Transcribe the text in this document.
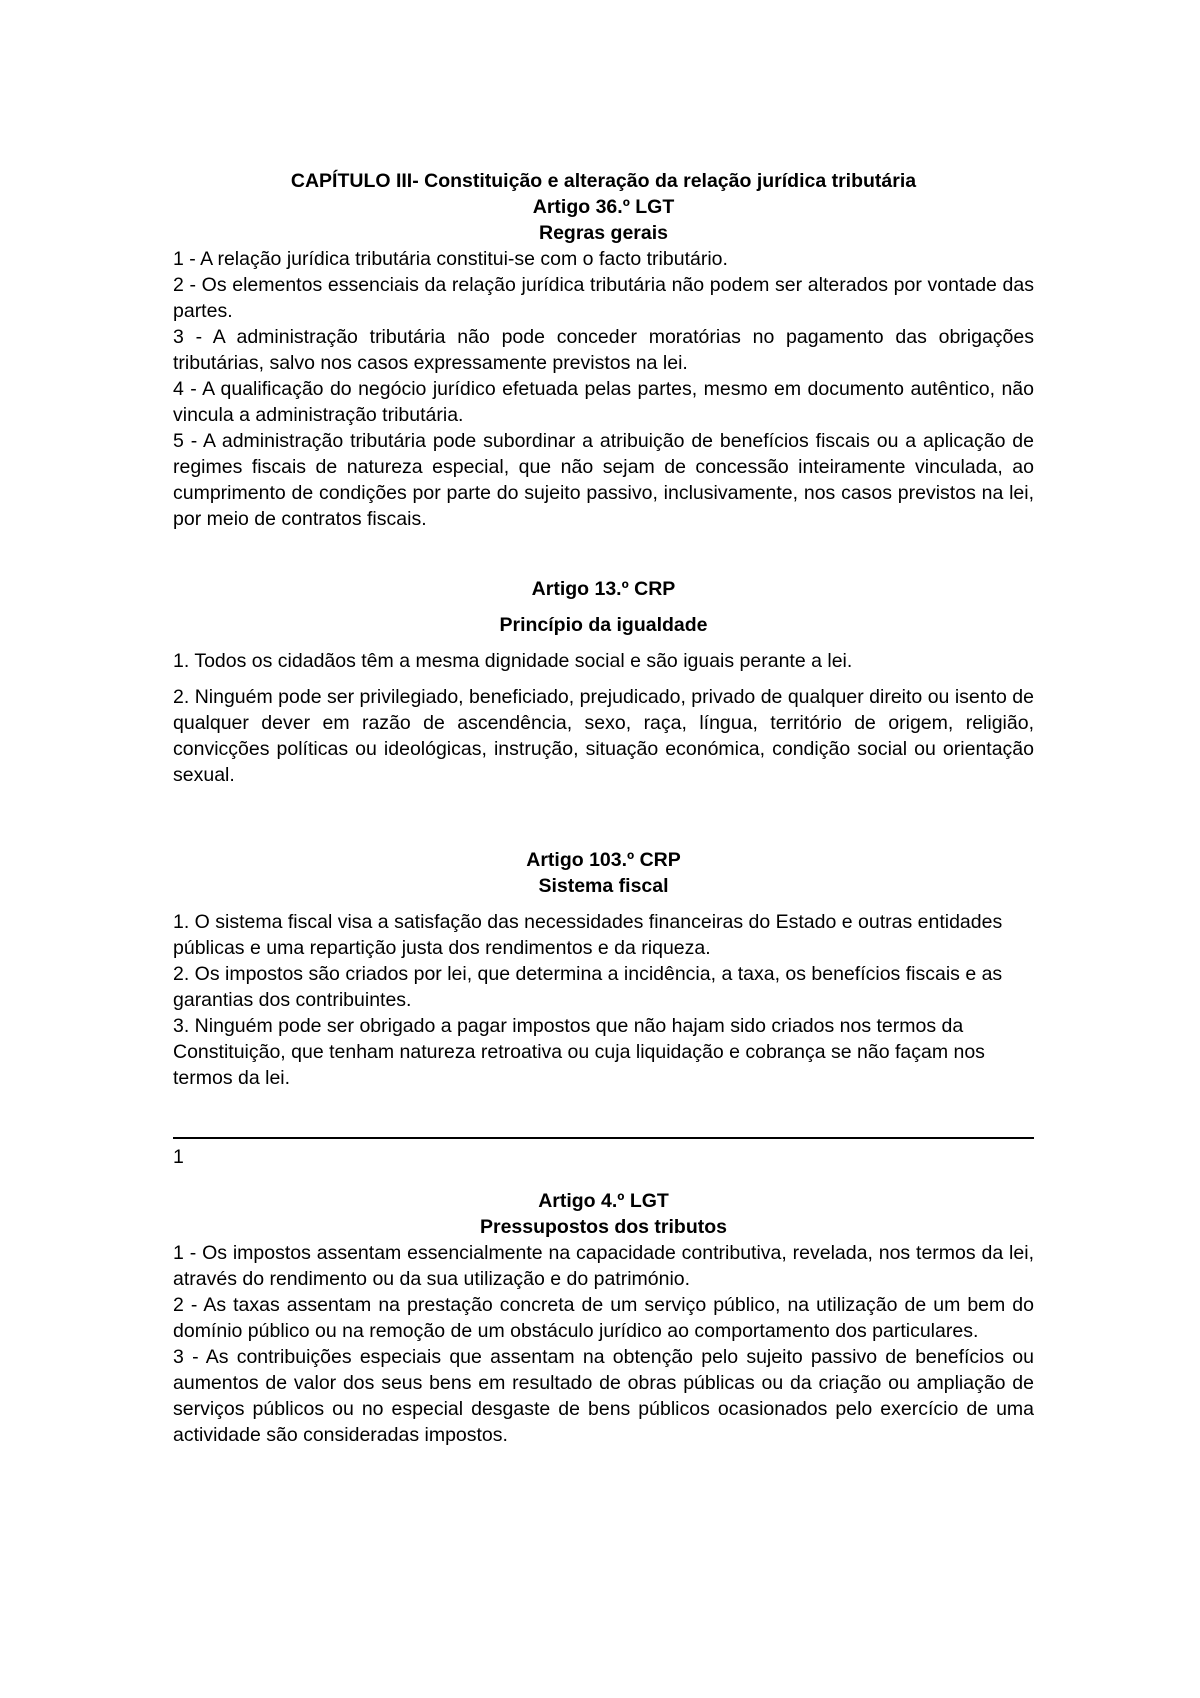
CAPÍTULO III- Constituição e alteração da relação jurídica tributária

Artigo 36.º LGT

Regras gerais

1 - A relação jurídica tributária constitui-se com o facto tributário.

2 - Os elementos essenciais da relação jurídica tributária não podem ser alterados por vontade das partes.

3 - A administração tributária não pode conceder moratórias no pagamento das obrigações tributárias, salvo nos casos expressamente previstos na lei.

4 - A qualificação do negócio jurídico efetuada pelas partes, mesmo em documento autêntico, não vincula a administração tributária.

5 - A administração tributária pode subordinar a atribuição de benefícios fiscais ou a aplicação de regimes fiscais de natureza especial, que não sejam de concessão inteiramente vinculada, ao cumprimento de condições por parte do sujeito passivo, inclusivamente, nos casos previstos na lei, por meio de contratos fiscais.

Artigo 13.º CRP

Princípio da igualdade

1. Todos os cidadãos têm a mesma dignidade social e são iguais perante a lei.

2. Ninguém pode ser privilegiado, beneficiado, prejudicado, privado de qualquer direito ou isento de qualquer dever em razão de ascendência, sexo, raça, língua, território de origem, religião, convicções políticas ou ideológicas, instrução, situação económica, condição social ou orientação sexual.

Artigo 103.º CRP

Sistema fiscal

1. O sistema fiscal visa a satisfação das necessidades financeiras do Estado e outras entidades públicas e uma repartição justa dos rendimentos e da riqueza.

2. Os impostos são criados por lei, que determina a incidência, a taxa, os benefícios fiscais e as garantias dos contribuintes.

3. Ninguém pode ser obrigado a pagar impostos que não hajam sido criados nos termos da Constituição, que tenham natureza retroativa ou cuja liquidação e cobrança se não façam nos termos da lei.

1

Artigo 4.º LGT

Pressupostos dos tributos

1 - Os impostos assentam essencialmente na capacidade contributiva, revelada, nos termos da lei, através do rendimento ou da sua utilização e do património.

2 - As taxas assentam na prestação concreta de um serviço público, na utilização de um bem do domínio público ou na remoção de um obstáculo jurídico ao comportamento dos particulares.

3 - As contribuições especiais que assentam na obtenção pelo sujeito passivo de benefícios ou aumentos de valor dos seus bens em resultado de obras públicas ou da criação ou ampliação de serviços públicos ou no especial desgaste de bens públicos ocasionados pelo exercício de uma actividade são consideradas impostos.
